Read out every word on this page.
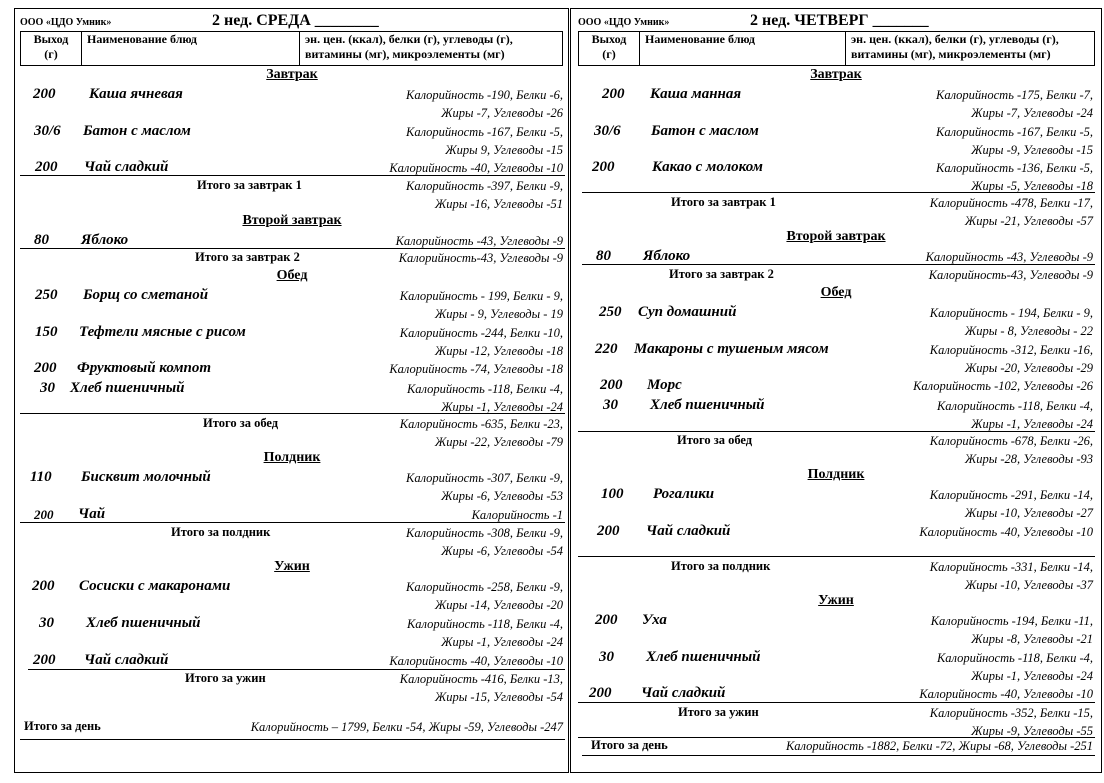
ООО «ЦДО Умник»	2 нед. СРЕДА ________
Выход
(г)
Наименование блюд	эн. цен. (ккал), белки (г), углеводы (г),
витамины (мг), микроэлементы (мг)
Завтрак
200 Каша ячневая	Калорийность -190, Белки -6,
Жиры -7, Углеводы -26
30/6 Батон с маслом	Калорийность -167, Белки -5,
Жиры 9, Углеводы -15
200 Чай сладкий	Калорийность -40, Углеводы -10
Итого за завтрак 1	Калорийность -397, Белки -9,
Жиры -16, Углеводы -51
Второй завтрак
80 Яблоко	Калорийность -43, Углеводы -9
Итого за завтрак 2	Калорийность-43, Углеводы -9
Обед
250 Борщ со сметаной	Калорийность - 199, Белки - 9,
Жиры - 9, Углеводы - 19
150 Тефтели мясные с рисом	Калорийность -244, Белки -10,
Жиры -12, Углеводы -18
200 Фруктовый компот	Калорийность -74, Углеводы -18
30 Хлеб пшеничный	Калорийность -118, Белки -4,
Жиры -1, Углеводы -24
Итого за обед	Калорийность -635, Белки -23,
Жиры -22, Углеводы -79
Полдник
110 Бисквит молочный	Калорийность -307, Белки -9,
Жиры -6, Углеводы -53
200 Чай	Калорийность -1
Итого за полдник	Калорийность -308, Белки -9,
Жиры -6, Углеводы -54
Ужин
200 Сосиски с макаронами	Калорийность -258, Белки -9,
Жиры -14, Углеводы -20
30 Хлеб пшеничный	Калорийность -118, Белки -4,
Жиры -1, Углеводы -24
200 Чай сладкий	Калорийность -40, Углеводы -10
Итого за ужин	Калорийность -416, Белки -13,
Жиры -15, Углеводы -54
Итого за день	Калорийность – 1799, Белки -54, Жиры -59, Углеводы -247
ООО «ЦДО Умник»	2 нед. ЧЕТВЕРГ _______
Выход
(г)
Наименование блюд	эн. цен. (ккал), белки (г), углеводы (г),
витамины (мг), микроэлементы (мг)
Завтрак
200 Каша манная	Калорийность -175, Белки -7,
Жиры -7, Углеводы -24
30/6 Батон с маслом	Калорийность -167, Белки -5,
Жиры -9, Углеводы -15
200	Какао с молоком	Калорийность -136, Белки -5,
Жиры -5, Углеводы -18
Итого за завтрак 1	Калорийность -478, Белки -17,
Жиры -21, Углеводы -57
Второй завтрак
80 Яблоко	Калорийность -43, Углеводы -9
Итого за завтрак 2	Калорийность-43, Углеводы -9
Обед
250 Суп домашний	Калорийность - 194, Белки - 9,
Жиры - 8, Углеводы - 22
220 Макароны с тушеным мясом	Калорийность -312, Белки -16,
Жиры -20, Углеводы -29
200 Морс	Калорийность -102, Углеводы -26
30 Хлеб пшеничный	Калорийность -118, Белки -4,
Жиры -1, Углеводы -24
Итого за обед	Калорийность -678, Белки -26,
Жиры -28, Углеводы -93
Полдник
100 Рогалики	Калорийность -291, Белки -14,
Жиры -10, Углеводы -27
200 Чай сладкий	Калорийность -40, Углеводы -10
Итого за полдник	Калорийность -331, Белки -14,
Жиры -10, Углеводы -37
Ужин
200 Уха	Калорийность -194, Белки -11,
Жиры -8, Углеводы -21
30 Хлеб пшеничный	Калорийность -118, Белки -4,
Жиры -1, Углеводы -24
200 Чай сладкий	Калорийность -40, Углеводы -10
Итого за ужин	Калорийность -352, Белки -15,
Жиры -9, Углеводы -55
Итого за день	Калорийность -1882, Белки -72, Жиры -68, Углеводы -251
